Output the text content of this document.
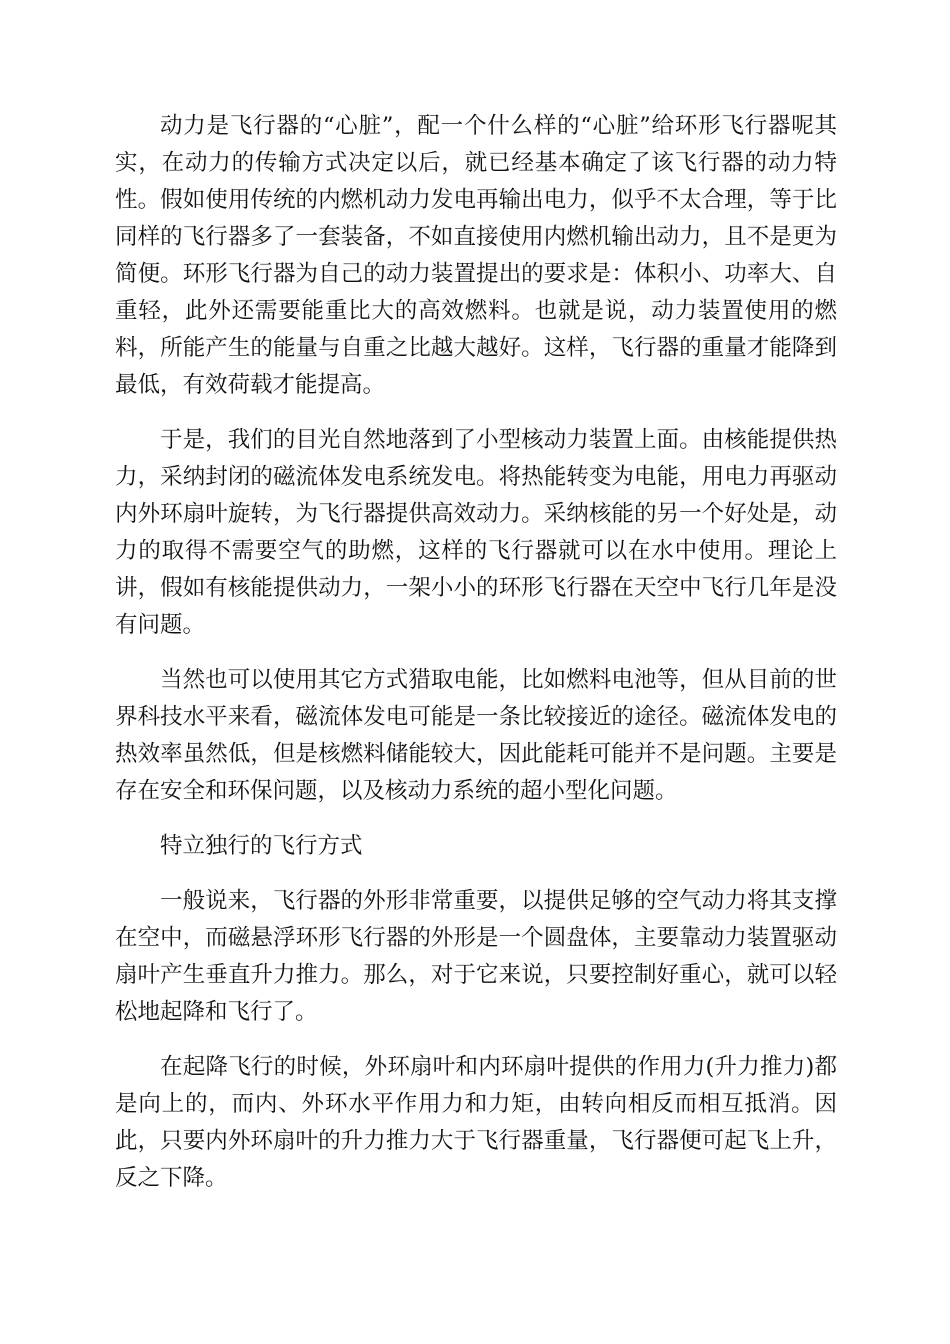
动力是飞行器的“心脏”，配一个什么样的“心脏”给环形飞行器呢其实，在动力的传输方式决定以后，就已经基本确定了该飞行器的动力特性。假如使用传统的内燃机动力发电再输出电力，似乎不太合理，等于比同样的飞行器多了一套装备，不如直接使用内燃机输出动力，且不是更为简便。环形飞行器为自己的动力装置提出的要求是：体积小、功率大、自重轻，此外还需要能重比大的高效燃料。也就是说，动力装置使用的燃料，所能产生的能量与自重之比越大越好。这样，飞行器的重量才能降到最低，有效荷载才能提高。

于是，我们的目光自然地落到了小型核动力装置上面。由核能提供热力，采纳封闭的磁流体发电系统发电。将热能转变为电能，用电力再驱动内外环扇叶旋转，为飞行器提供高效动力。采纳核能的另一个好处是，动力的取得不需要空气的助燃，这样的飞行器就可以在水中使用。理论上讲，假如有核能提供动力，一架小小的环形飞行器在天空中飞行几年是没有问题。

当然也可以使用其它方式猎取电能，比如燃料电池等，但从目前的世界科技水平来看，磁流体发电可能是一条比较接近的途径。磁流体发电的热效率虽然低，但是核燃料储能较大，因此能耗可能并不是问题。主要是存在安全和环保问题，以及核动力系统的超小型化问题。

特立独行的飞行方式

一般说来，飞行器的外形非常重要，以提供足够的空气动力将其支撑在空中，而磁悬浮环形飞行器的外形是一个圆盘体，主要靠动力装置驱动扇叶产生垂直升力推力。那么，对于它来说，只要控制好重心，就可以轻松地起降和飞行了。

在起降飞行的时候，外环扇叶和内环扇叶提供的作用力(升力推力)都是向上的，而内、外环水平作用力和力矩，由转向相反而相互抵消。因此，只要内外环扇叶的升力推力大于飞行器重量，飞行器便可起飞上升，反之下降。
